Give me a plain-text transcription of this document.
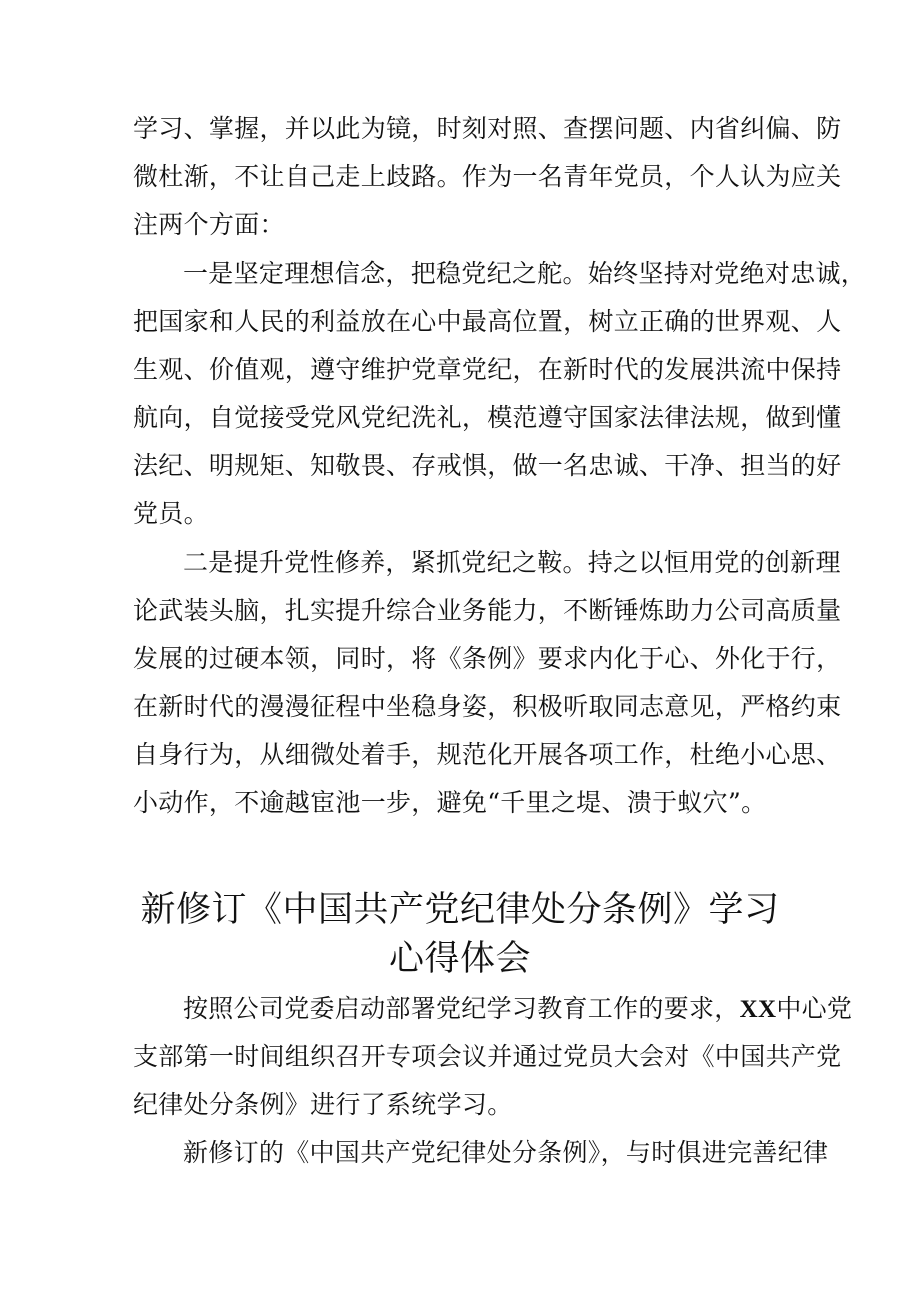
学习、掌握，并以此为镜，时刻对照、查摆问题、内省纠偏、防
微杜渐，不让自己走上歧路。作为一名青年党员，个人认为应关
注两个方面：
一是坚定理想信念，把稳党纪之舵。始终坚持对党绝对忠诚，
把国家和人民的利益放在心中最高位置，树立正确的世界观、人
生观、价值观，遵守维护党章党纪，在新时代的发展洪流中保持
航向，自觉接受党风党纪洗礼，模范遵守国家法律法规，做到懂
法纪、明规矩、知敬畏、存戒惧，做一名忠诚、干净、担当的好
党员。
二是提升党性修养，紧抓党纪之鞍。持之以恒用党的创新理
论武装头脑，扎实提升综合业务能力，不断锤炼助力公司高质量
发展的过硬本领，同时，将《条例》要求内化于心、外化于行，
在新时代的漫漫征程中坐稳身姿，积极听取同志意见，严格约束
自身行为，从细微处着手，规范化开展各项工作，杜绝小心思、
小动作，不逾越宦池一步，避免“千里之堤、溃于蚁穴”。
新修订《中国共产党纪律处分条例》学习
心得体会
按照公司党委启动部署党纪学习教育工作的要求，XX中心党
支部第一时间组织召开专项会议并通过党员大会对《中国共产党
纪律处分条例》进行了系统学习。
新修订的《中国共产党纪律处分条例》，与时俱进完善纪律
